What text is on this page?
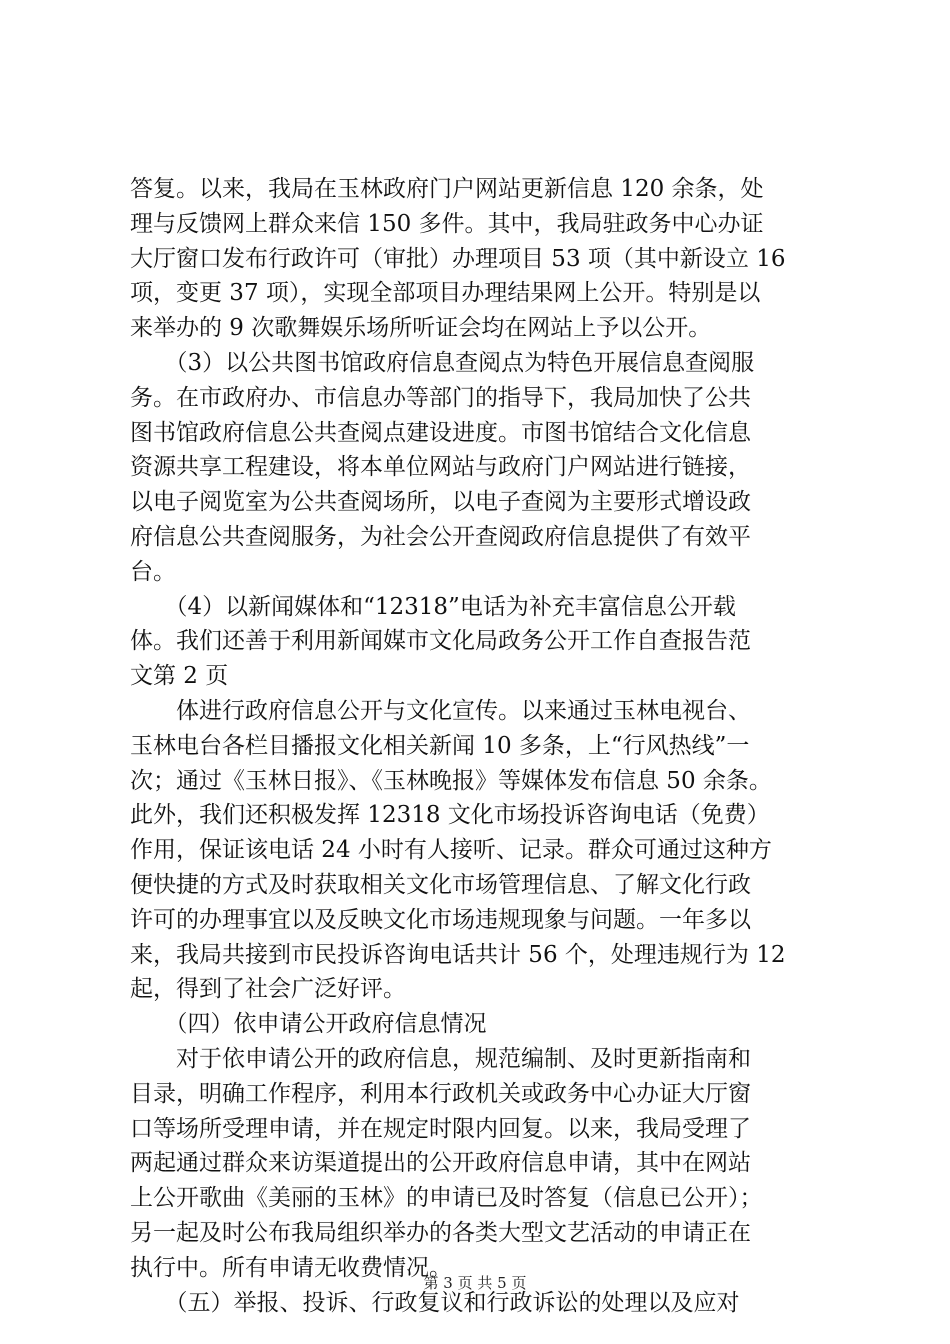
答复。以来，我局在玉林政府门户网站更新信息 120 余条，处
理与反馈网上群众来信 150 多件。其中，我局驻政务中心办证
大厅窗口发布行政许可（审批）办理项目 53 项（其中新设立 16
项，变更 37 项），实现全部项目办理结果网上公开。特别是以
来举办的 9 次歌舞娱乐场所听证会均在网站上予以公开。
　　（3）以公共图书馆政府信息查阅点为特色开展信息查阅服
务。在市政府办、市信息办等部门的指导下，我局加快了公共
图书馆政府信息公共查阅点建设进度。市图书馆结合文化信息
资源共享工程建设，将本单位网站与政府门户网站进行链接，
以电子阅览室为公共查阅场所，以电子查阅为主要形式增设政
府信息公共查阅服务，为社会公开查阅政府信息提供了有效平
台。
　　（4）以新闻媒体和“12318”电话为补充丰富信息公开载
体。我们还善于利用新闻媒市文化局政务公开工作自查报告范
文第 2 页
　　体进行政府信息公开与文化宣传。以来通过玉林电视台、
玉林电台各栏目播报文化相关新闻 10 多条，上“行风热线”一
次；通过《玉林日报》、《玉林晚报》等媒体发布信息 50 余条。
此外，我们还积极发挥 12318 文化市场投诉咨询电话（免费）
作用，保证该电话 24 小时有人接听、记录。群众可通过这种方
便快捷的方式及时获取相关文化市场管理信息、了解文化行政
许可的办理事宜以及反映文化市场违规现象与问题。一年多以
来，我局共接到市民投诉咨询电话共计 56 个，处理违规行为 12
起，得到了社会广泛好评。
　　（四）依申请公开政府信息情况
　　对于依申请公开的政府信息，规范编制、及时更新指南和
目录，明确工作程序，利用本行政机关或政务中心办证大厅窗
口等场所受理申请，并在规定时限内回复。以来，我局受理了
两起通过群众来访渠道提出的公开政府信息申请，其中在网站
上公开歌曲《美丽的玉林》的申请已及时答复（信息已公开）；
另一起及时公布我局组织举办的各类大型文艺活动的申请正在
执行中。所有申请无收费情况。
　　（五）举报、投诉、行政复议和行政诉讼的处理以及应对
第 3 页 共 5 页
